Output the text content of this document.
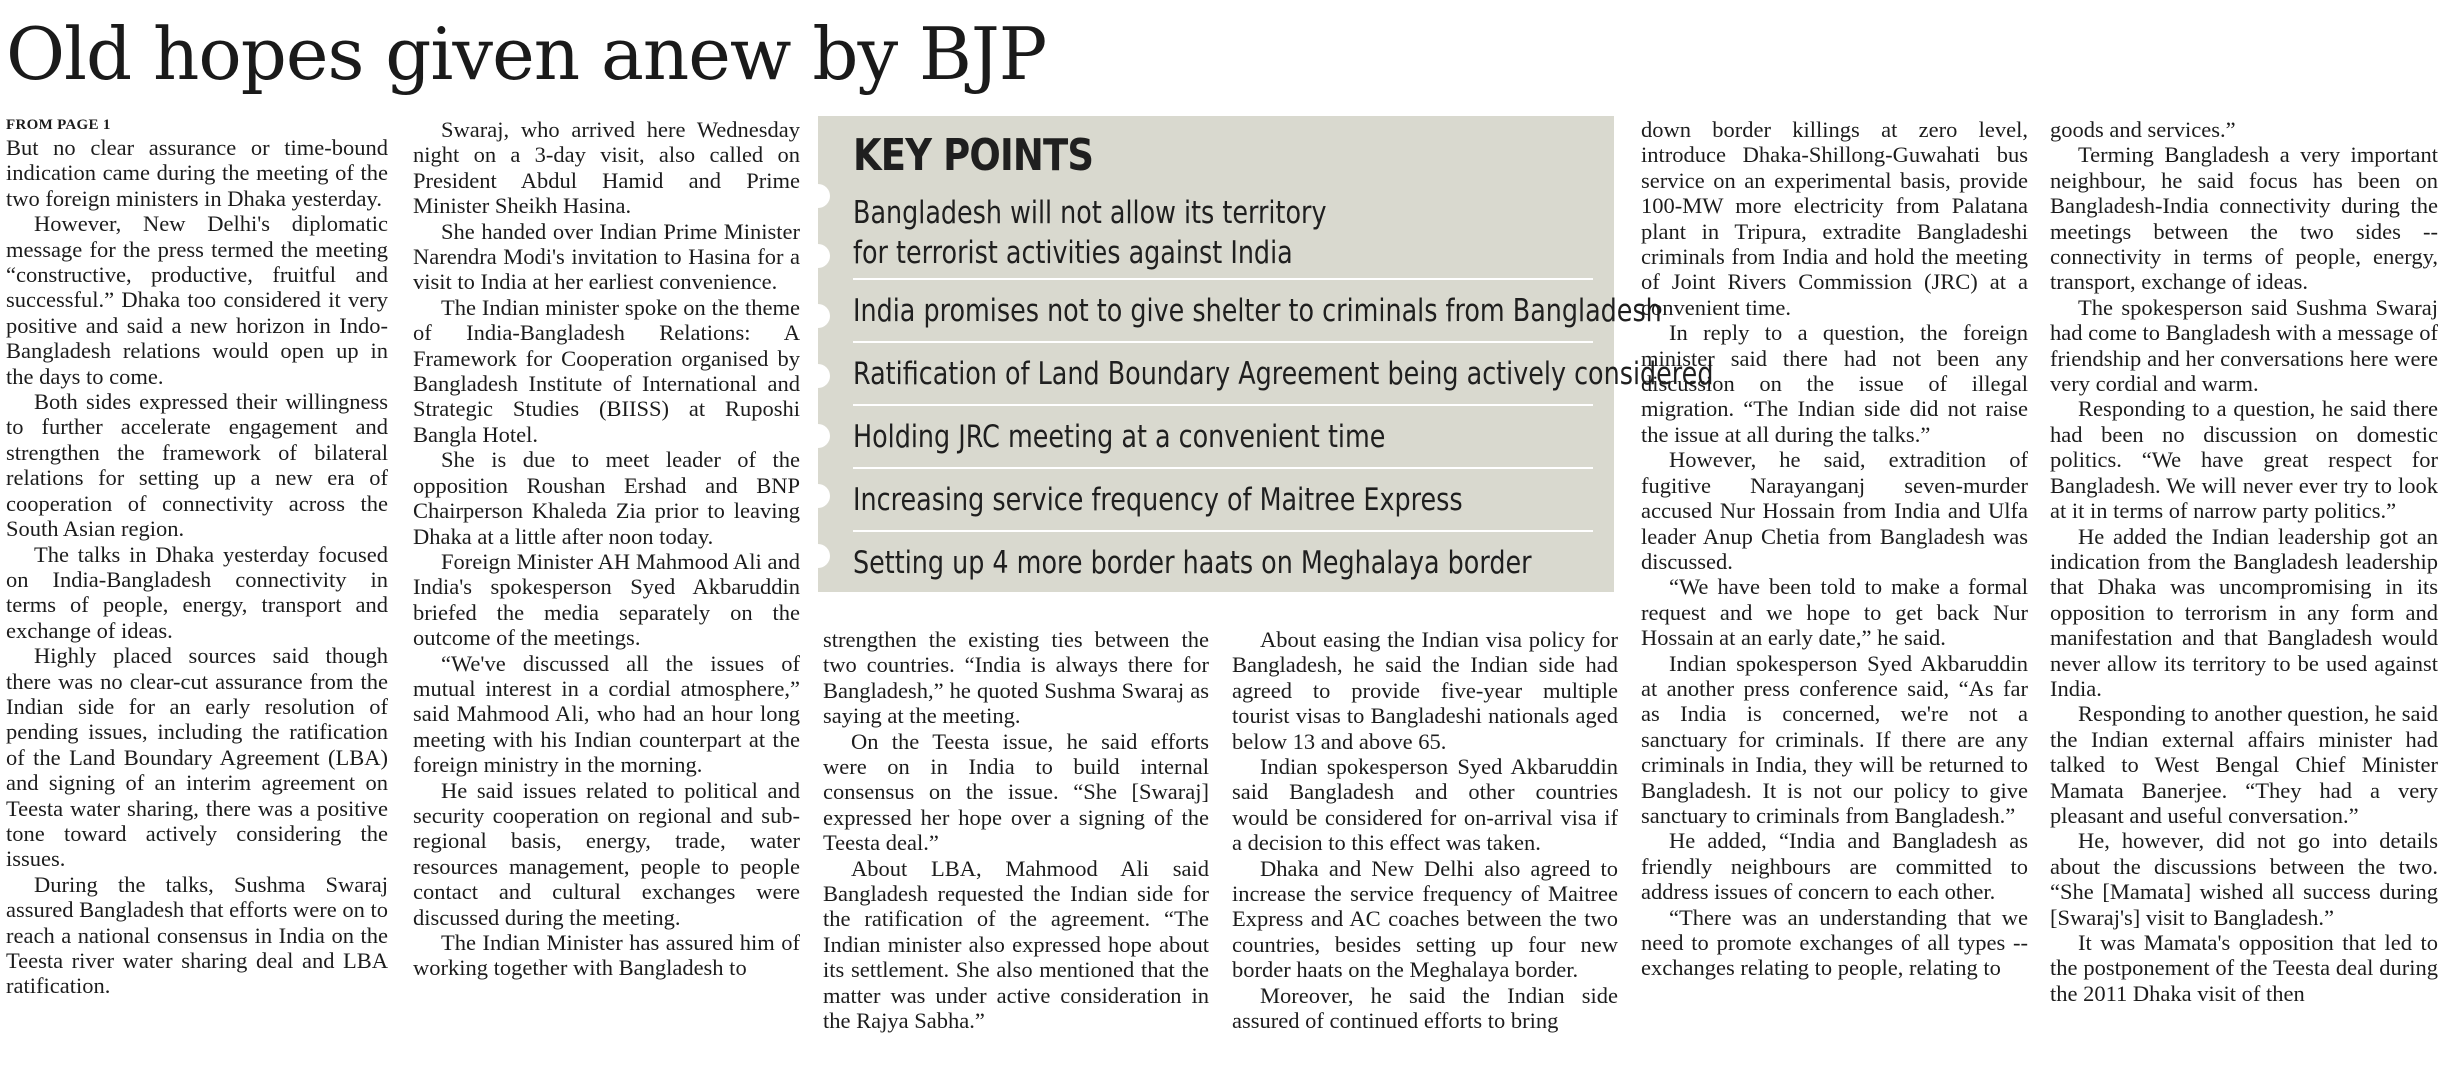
Old hopes given anew by BJP
FROM PAGE 1

But no clear assurance or time-bound indication came during the meeting of the two foreign ministers in Dhaka yesterday.

However, New Delhi's diplomatic message for the press termed the meeting “constructive, productive, fruitful and successful.” Dhaka too considered it very positive and said a new horizon in Indo-Bangladesh relations would open up in the days to come.

Both sides expressed their willingness to further accelerate engagement and strengthen the framework of bilateral relations for setting up a new era of cooperation of connectivity across the South Asian region.

The talks in Dhaka yesterday focused on India-Bangladesh connectivity in terms of people, energy, transport and exchange of ideas.

Highly placed sources said though there was no clear-cut assurance from the Indian side for an early resolution of pending issues, including the ratification of the Land Boundary Agreement (LBA) and signing of an interim agreement on Teesta water sharing, there was a positive tone toward actively considering the issues.

During the talks, Sushma Swaraj assured Bangladesh that efforts were on to reach a national consensus in India on the Teesta river water sharing deal and LBA ratification.

Swaraj, who arrived here Wednesday night on a 3-day visit, also called on President Abdul Hamid and Prime Minister Sheikh Hasina.

She handed over Indian Prime Minister Narendra Modi's invitation to Hasina for a visit to India at her earliest convenience.

The Indian minister spoke on the theme of India-Bangladesh Relations: A Framework for Cooperation organised by Bangladesh Institute of International and Strategic Studies (BIISS) at Ruposhi Bangla Hotel.

She is due to meet leader of the opposition Roushan Ershad and BNP Chairperson Khaleda Zia prior to leaving Dhaka at a little after noon today.

Foreign Minister AH Mahmood Ali and India's spokesperson Syed Akbaruddin briefed the media separately on the outcome of the meetings.

“We've discussed all the issues of mutual interest in a cordial atmosphere,” said Mahmood Ali, who had an hour long meeting with his Indian counterpart at the foreign ministry in the morning.

He said issues related to political and security cooperation on regional and sub-regional basis, energy, trade, water resources management, people to people contact and cultural exchanges were discussed during the meeting.

The Indian Minister has assured him of working together with Bangladesh to

KEY POINTS
Bangladesh will not allow its territory for terrorist activities against India
India promises not to give shelter to criminals from Bangladesh
Ratification of Land Boundary Agreement being actively considered
Holding JRC meeting at a convenient time
Increasing service frequency of Maitree Express
Setting up 4 more border haats on Meghalaya border

strengthen the existing ties between the two countries. “India is always there for Bangladesh,” he quoted Sushma Swaraj as saying at the meeting.

On the Teesta issue, he said efforts were on in India to build internal consensus on the issue. “She [Swaraj] expressed her hope over a signing of the Teesta deal.”

About LBA, Mahmood Ali said Bangladesh requested the Indian side for the ratification of the agreement. “The Indian minister also expressed hope about its settlement. She also mentioned that the matter was under active consideration in the Rajya Sabha.”

About easing the Indian visa policy for Bangladesh, he said the Indian side had agreed to provide five-year multiple tourist visas to Bangladeshi nationals aged below 13 and above 65.

Indian spokesperson Syed Akbaruddin said Bangladesh and other countries would be considered for on-arrival visa if a decision to this effect was taken.

Dhaka and New Delhi also agreed to increase the service frequency of Maitree Express and AC coaches between the two countries, besides setting up four new border haats on the Meghalaya border.

Moreover, he said the Indian side assured of continued efforts to bring

down border killings at zero level, introduce Dhaka-Shillong-Guwahati bus service on an experimental basis, provide 100-MW more electricity from Palatana plant in Tripura, extradite Bangladeshi criminals from India and hold the meeting of Joint Rivers Commission (JRC) at a convenient time.

In reply to a question, the foreign minister said there had not been any discussion on the issue of illegal migration. “The Indian side did not raise the issue at all during the talks.”

However, he said, extradition of fugitive Narayanganj seven-murder accused Nur Hossain from India and Ulfa leader Anup Chetia from Bangladesh was discussed.

“We have been told to make a formal request and we hope to get back Nur Hossain at an early date,” he said.

Indian spokesperson Syed Akbaruddin at another press conference said, “As far as India is concerned, we're not a sanctuary for criminals. If there are any criminals in India, they will be returned to Bangladesh. It is not our policy to give sanctuary to criminals from Bangladesh.”

He added, “India and Bangladesh as friendly neighbours are committed to address issues of concern to each other.

“There was an understanding that we need to promote exchanges of all types -- exchanges relating to people, relating to

goods and services.”

Terming Bangladesh a very important neighbour, he said focus has been on Bangladesh-India connectivity during the meetings between the two sides -- connectivity in terms of people, energy, transport, exchange of ideas.

The spokesperson said Sushma Swaraj had come to Bangladesh with a message of friendship and her conversations here were very cordial and warm.

Responding to a question, he said there had been no discussion on domestic politics. “We have great respect for Bangladesh. We will never ever try to look at it in terms of narrow party politics.”

He added the Indian leadership got an indication from the Bangladesh leadership that Dhaka was uncompromising in its opposition to terrorism in any form and manifestation and that Bangladesh would never allow its territory to be used against India.

Responding to another question, he said the Indian external affairs minister had talked to West Bengal Chief Minister Mamata Banerjee. “They had a very pleasant and useful conversation.”

He, however, did not go into details about the discussions between the two. “She [Mamata] wished all success during [Swaraj's] visit to Bangladesh.”

It was Mamata's opposition that led to the postponement of the Teesta deal during the 2011 Dhaka visit of then
